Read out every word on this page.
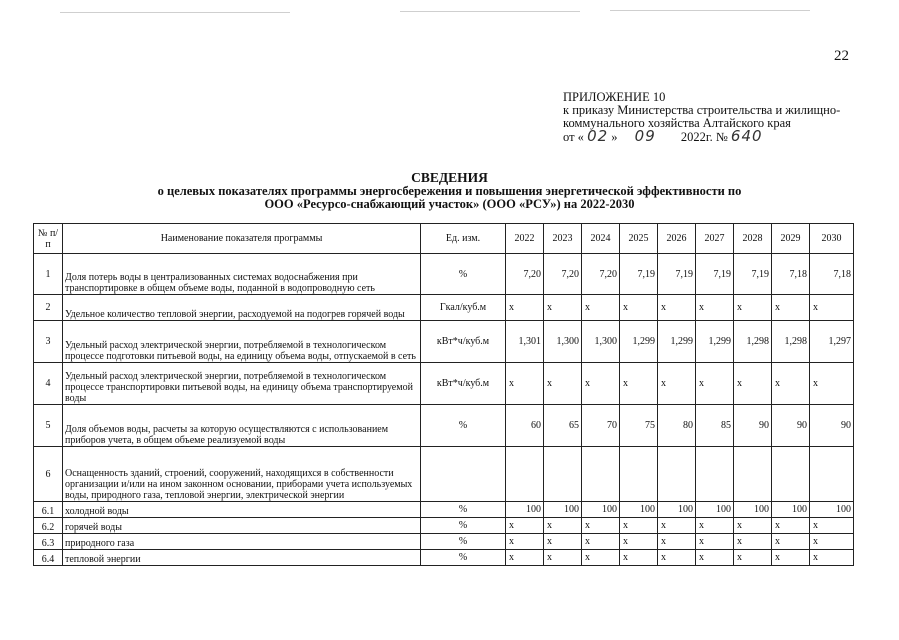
22
ПРИЛОЖЕНИЕ 10
к приказу Министерства строительства и жилищно-
коммунального хозяйства Алтайского края
от « 02 » 09 2022г. № 640
СВЕДЕНИЯ
о целевых показателях программы энергосбережения и повышения энергетической эффективности по
ООО «Ресурсо-снабжающий участок» (ООО «РСУ») на 2022-2030
№ п/п	Наименование показателя программы	Ед. изм.	2022	2023	2024	2025	2026	2027	2028	2029	2030
1	Доля потерь воды в централизованных системах водоснабжения при транспортировке в общем объеме воды, поданной в водопроводную сеть	%	7,20	7,20	7,20	7,19	7,19	7,19	7,19	7,18	7,18
2	Удельное количество тепловой энергии, расходуемой на подогрев горячей воды	Гкал/куб.м	x	x	x	x	x	x	x	x	x
3	Удельный расход электрической энергии, потребляемой в технологическом процессе подготовки питьевой воды, на единицу объема воды, отпускаемой в сеть	кВт*ч/куб.м	1,301	1,300	1,300	1,299	1,299	1,299	1,298	1,298	1,297
4	Удельный расход электрической энергии, потребляемой в технологическом процессе транспортировки питьевой воды, на единицу объема транспортируемой воды	кВт*ч/куб.м	x	x	x	x	x	x	x	x	x
5	Доля объемов воды, расчеты за которую осуществляются с использованием приборов учета, в общем объеме реализуемой воды	%	60	65	70	75	80	85	90	90	90
6	Оснащенность зданий, строений, сооружений, находящихся в собственности организации и/или на ином законном основании, приборами учета используемых воды, природного газа, тепловой энергии, электрической энергии										
6.1	холодной воды	%	100	100	100	100	100	100	100	100	100
6.2	горячей воды	%	x	x	x	x	x	x	x	x	x
6.3	природного газа	%	x	x	x	x	x	x	x	x	x
6.4	тепловой энергии	%	x	x	x	x	x	x	x	x	x
